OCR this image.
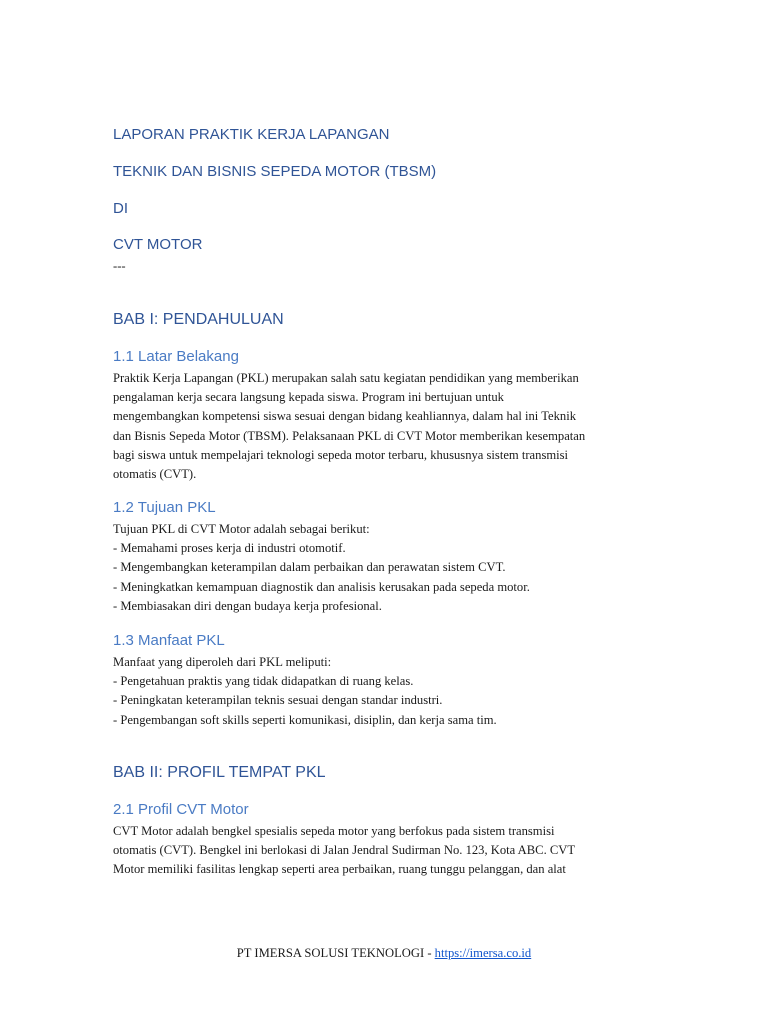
LAPORAN PRAKTIK KERJA LAPANGAN
TEKNIK DAN BISNIS SEPEDA MOTOR (TBSM)
DI
CVT MOTOR
---
BAB I: PENDAHULUAN
1.1 Latar Belakang
Praktik Kerja Lapangan (PKL) merupakan salah satu kegiatan pendidikan yang memberikan
pengalaman kerja secara langsung kepada siswa. Program ini bertujuan untuk
mengembangkan kompetensi siswa sesuai dengan bidang keahliannya, dalam hal ini Teknik
dan Bisnis Sepeda Motor (TBSM). Pelaksanaan PKL di CVT Motor memberikan kesempatan
bagi siswa untuk mempelajari teknologi sepeda motor terbaru, khususnya sistem transmisi
otomatis (CVT).
1.2 Tujuan PKL
Tujuan PKL di CVT Motor adalah sebagai berikut:
- Memahami proses kerja di industri otomotif.
- Mengembangkan keterampilan dalam perbaikan dan perawatan sistem CVT.
- Meningkatkan kemampuan diagnostik dan analisis kerusakan pada sepeda motor.
- Membiasakan diri dengan budaya kerja profesional.
1.3 Manfaat PKL
Manfaat yang diperoleh dari PKL meliputi:
- Pengetahuan praktis yang tidak didapatkan di ruang kelas.
- Peningkatan keterampilan teknis sesuai dengan standar industri.
- Pengembangan soft skills seperti komunikasi, disiplin, dan kerja sama tim.
BAB II: PROFIL TEMPAT PKL
2.1 Profil CVT Motor
CVT Motor adalah bengkel spesialis sepeda motor yang berfokus pada sistem transmisi
otomatis (CVT). Bengkel ini berlokasi di Jalan Jendral Sudirman No. 123, Kota ABC. CVT
Motor memiliki fasilitas lengkap seperti area perbaikan, ruang tunggu pelanggan, dan alat
PT IMERSA SOLUSI TEKNOLOGI - https://imersa.co.id
